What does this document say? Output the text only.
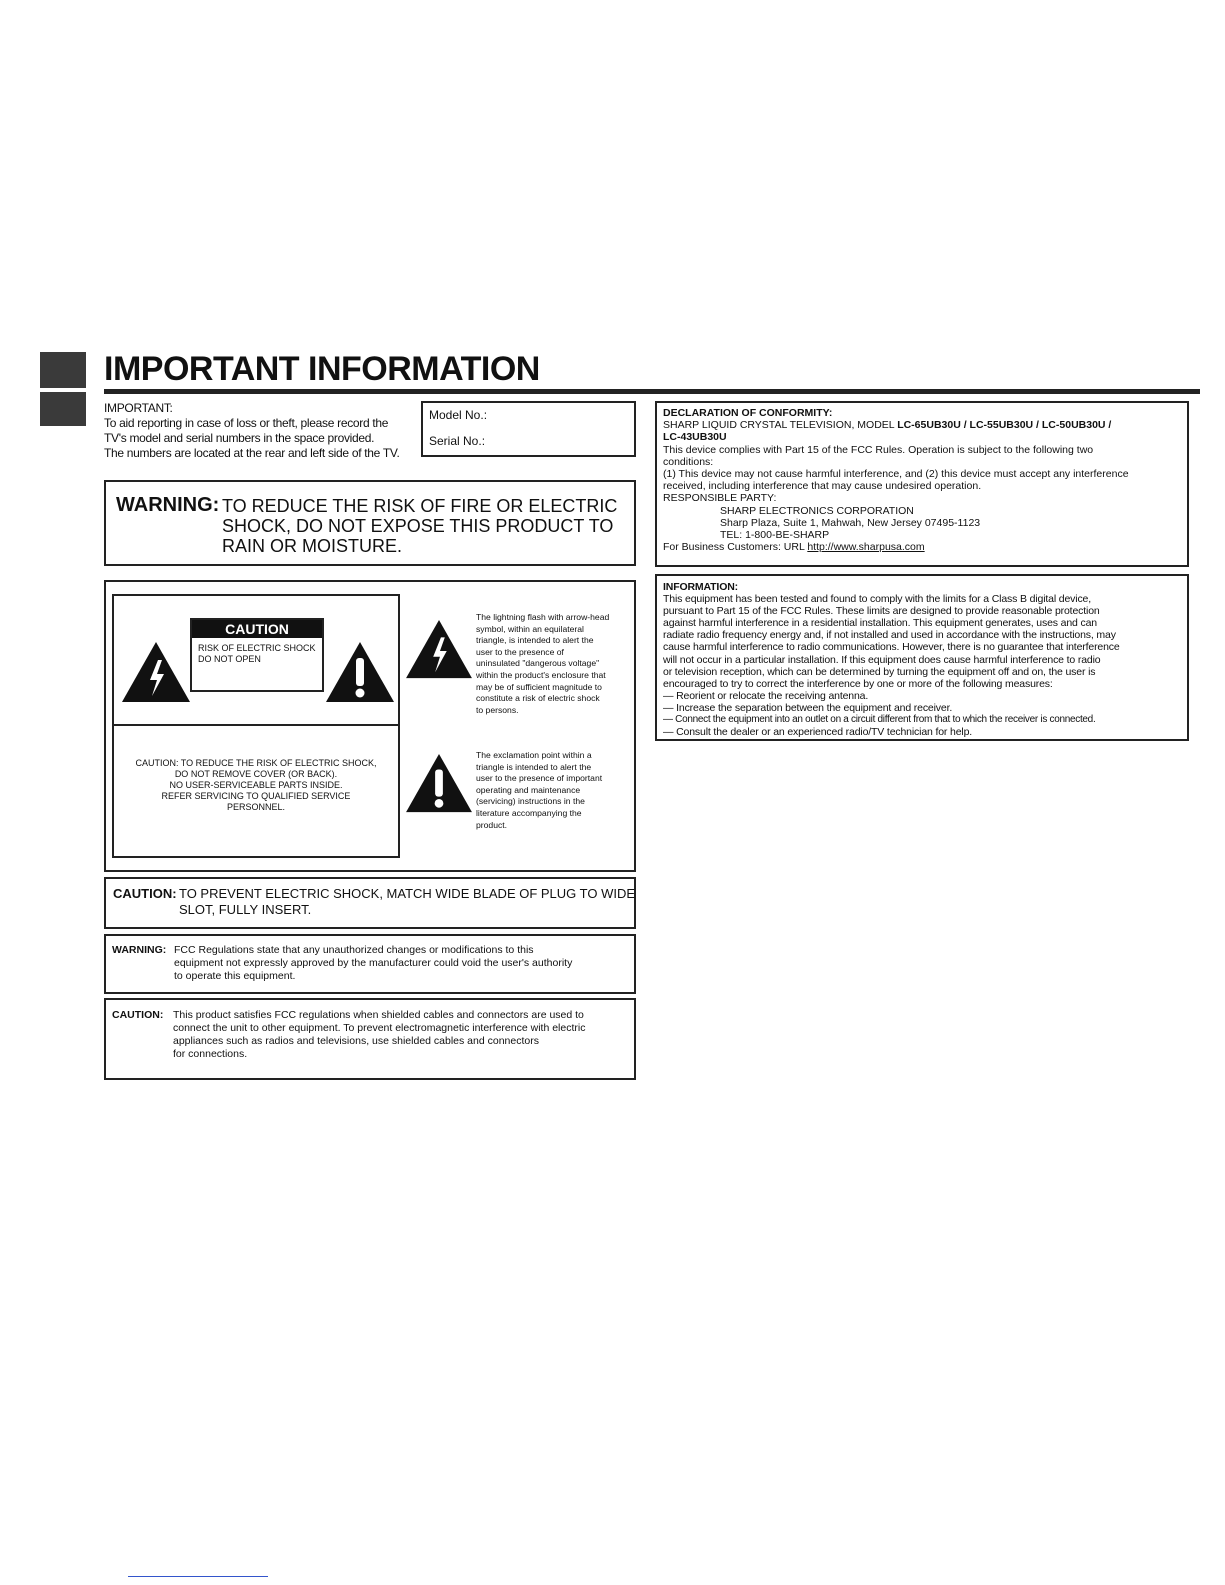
IMPORTANT INFORMATION
IMPORTANT:
To aid reporting in case of loss or theft, please record the
TV's model and serial numbers in the space provided.
The numbers are located at the rear and left side of the TV.
Model No.:
Serial No.:
WARNING: TO REDUCE THE RISK OF FIRE OR ELECTRIC
SHOCK, DO NOT EXPOSE THIS PRODUCT TO
RAIN OR MOISTURE.
CAUTION
RISK OF ELECTRIC SHOCK
DO NOT OPEN
CAUTION: TO REDUCE THE RISK OF ELECTRIC SHOCK,
DO NOT REMOVE COVER (OR BACK).
NO USER-SERVICEABLE PARTS INSIDE.
REFER SERVICING TO QUALIFIED SERVICE
PERSONNEL.
The lightning flash with arrow-head
symbol, within an equilateral
triangle, is intended to alert the
user to the presence of
uninsulated "dangerous voltage"
within the product's enclosure that
may be of sufficient magnitude to
constitute a risk of electric shock
to persons.
The exclamation point within a
triangle is intended to alert the
user to the presence of important
operating and maintenance
(servicing) instructions in the
literature accompanying the
product.
CAUTION: TO PREVENT ELECTRIC SHOCK, MATCH WIDE BLADE OF PLUG TO WIDE
SLOT, FULLY INSERT.
WARNING: FCC Regulations state that any unauthorized changes or modifications to this
equipment not expressly approved by the manufacturer could void the user's authority
to operate this equipment.
CAUTION: This product satisfies FCC regulations when shielded cables and connectors are used to
connect the unit to other equipment. To prevent electromagnetic interference with electric
appliances such as radios and televisions, use shielded cables and connectors
for connections.
DECLARATION OF CONFORMITY:
SHARP LIQUID CRYSTAL TELEVISION, MODEL LC-65UB30U / LC-55UB30U / LC-50UB30U /
LC-43UB30U
This device complies with Part 15 of the FCC Rules. Operation is subject to the following two
conditions:
(1) This device may not cause harmful interference, and (2) this device must accept any interference
received, including interference that may cause undesired operation.
RESPONSIBLE PARTY:
SHARP ELECTRONICS CORPORATION
Sharp Plaza, Suite 1, Mahwah, New Jersey 07495-1123
TEL: 1-800-BE-SHARP
For Business Customers: URL http://www.sharpusa.com
INFORMATION:
This equipment has been tested and found to comply with the limits for a Class B digital device,
pursuant to Part 15 of the FCC Rules. These limits are designed to provide reasonable protection
against harmful interference in a residential installation. This equipment generates, uses and can
radiate radio frequency energy and, if not installed and used in accordance with the instructions, may
cause harmful interference to radio communications. However, there is no guarantee that interference
will not occur in a particular installation. If this equipment does cause harmful interference to radio
or television reception, which can be determined by turning the equipment off and on, the user is
encouraged to try to correct the interference by one or more of the following measures:
— Reorient or relocate the receiving antenna.
— Increase the separation between the equipment and receiver.
— Connect the equipment into an outlet on a circuit different from that to which the receiver is connected.
— Consult the dealer or an experienced radio/TV technician for help.
